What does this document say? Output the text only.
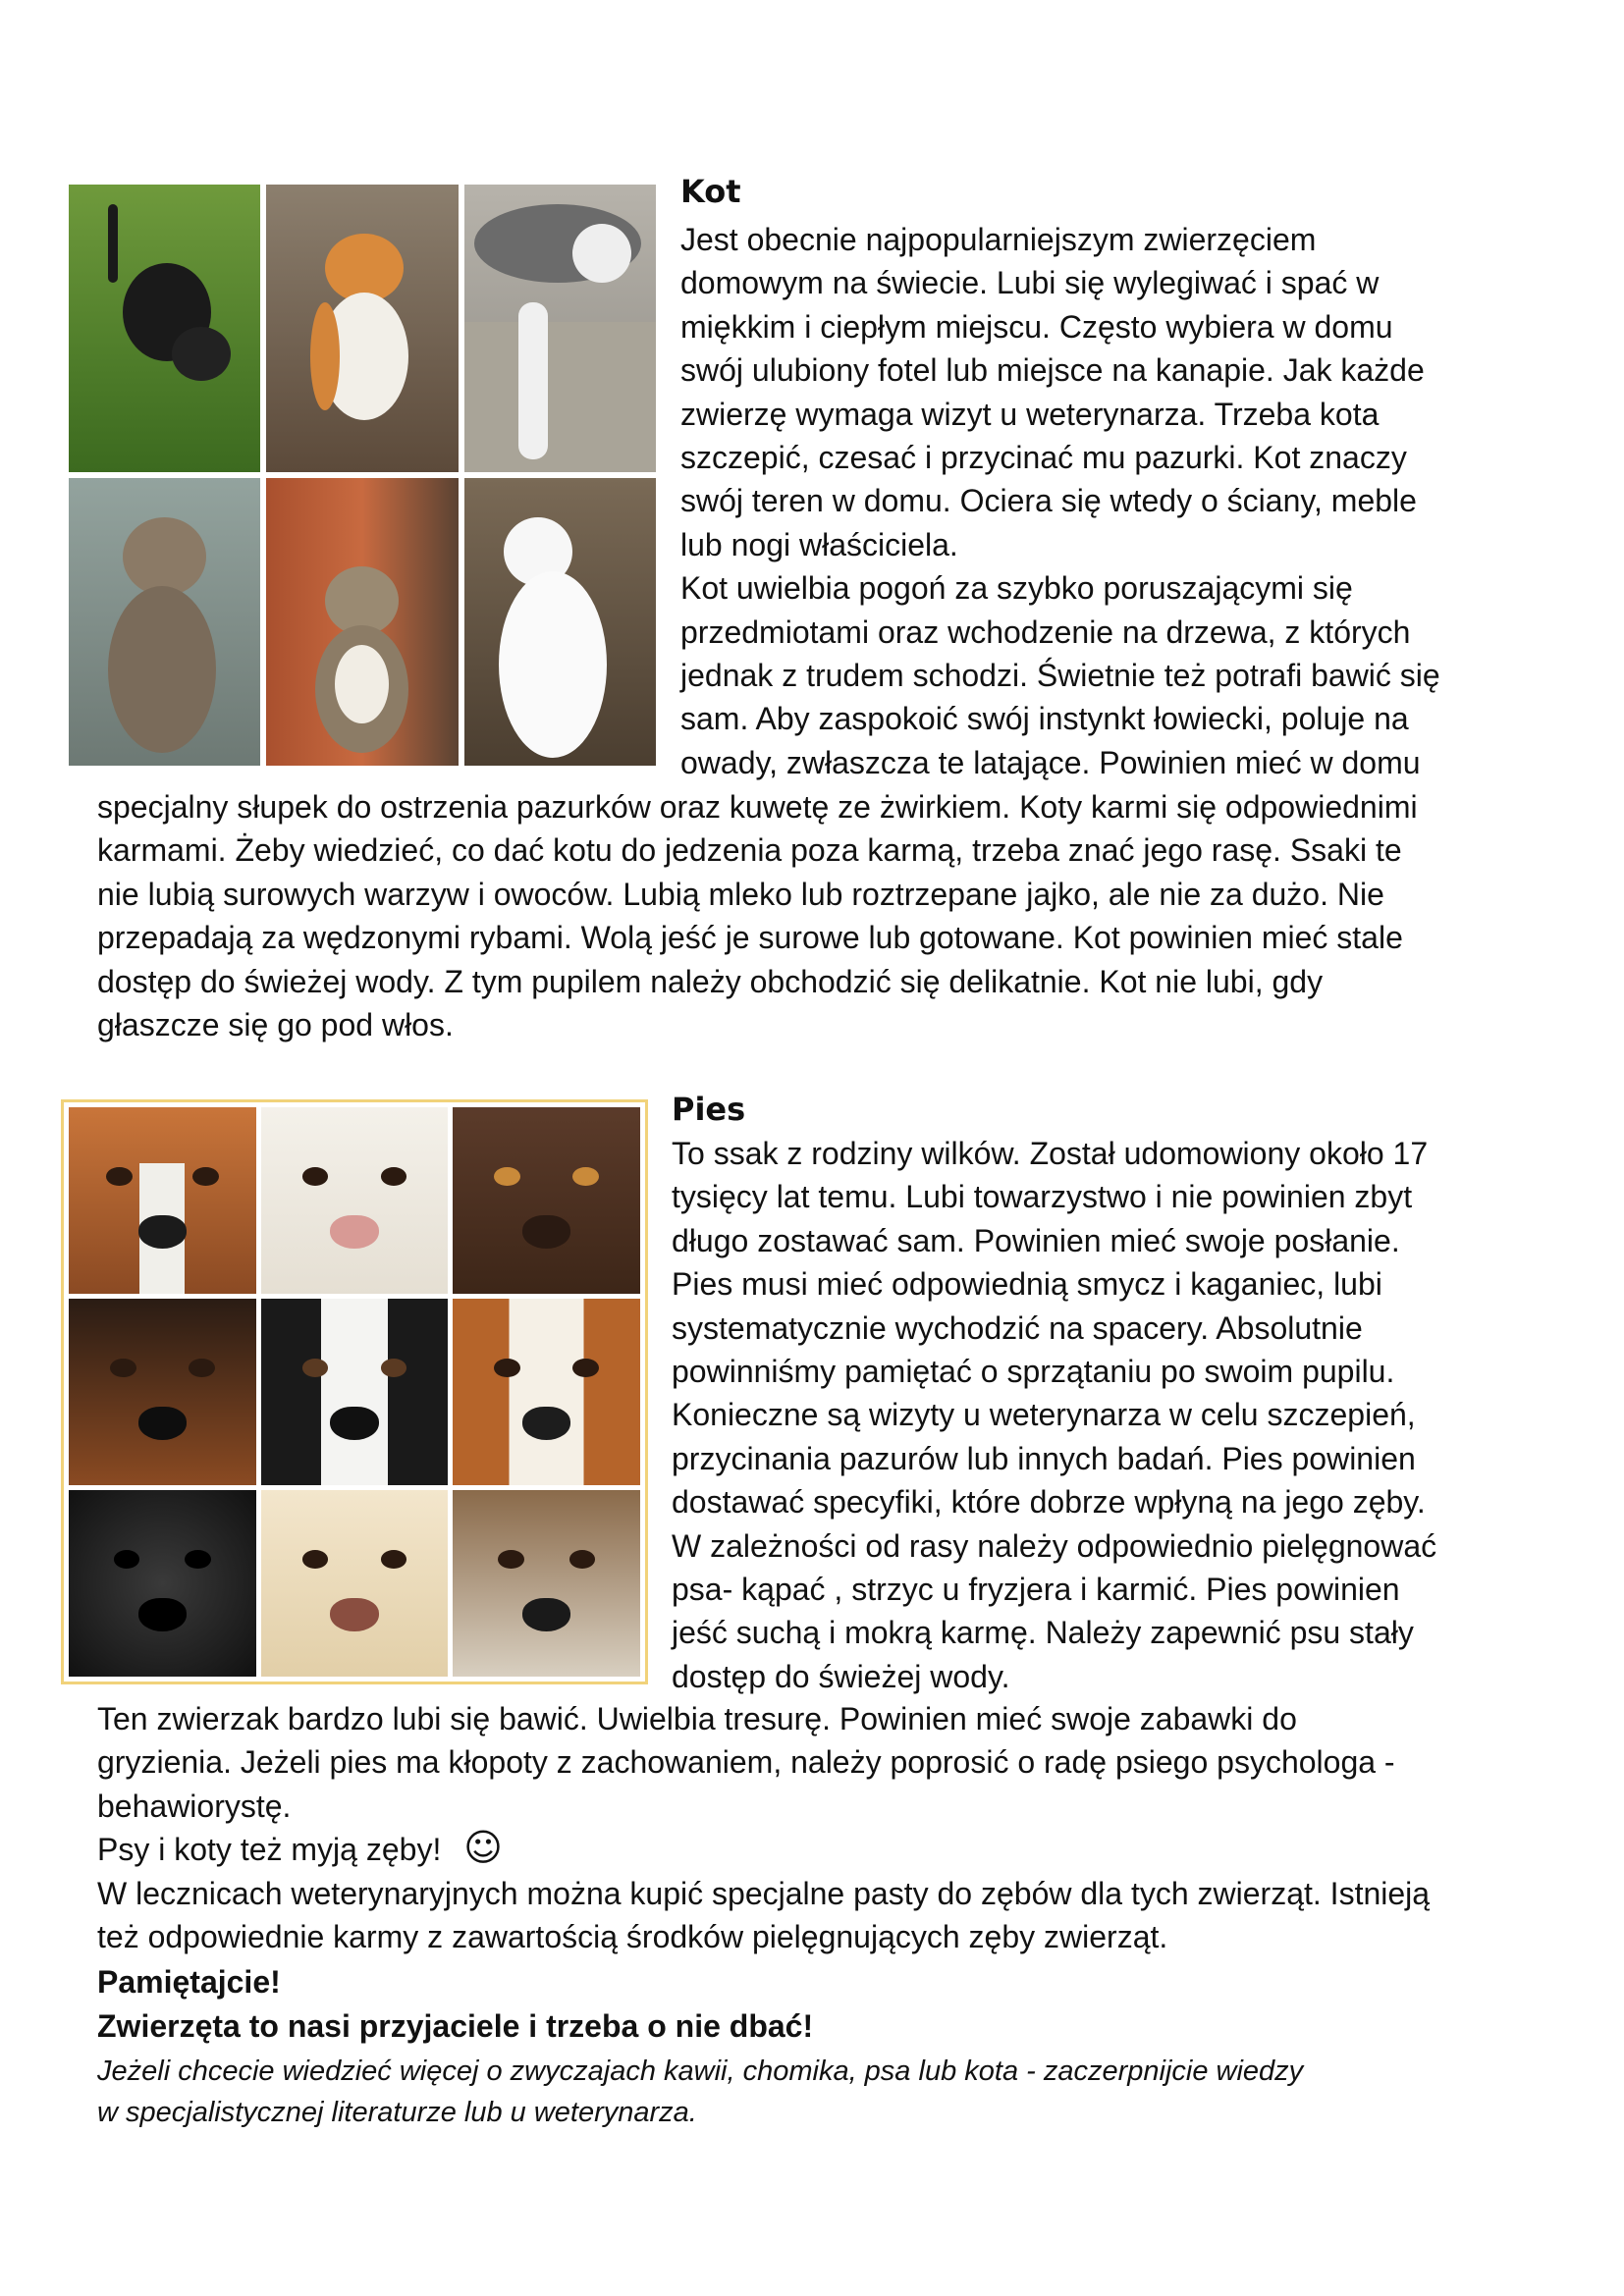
Kot
Jest obecnie najpopularniejszym zwierzęciem
domowym na świecie. Lubi się wylegiwać i spać w
miękkim i ciepłym miejscu. Często wybiera w domu
swój ulubiony fotel lub miejsce na kanapie. Jak każde
zwierzę wymaga wizyt u weterynarza. Trzeba kota
szczepić, czesać i przycinać mu pazurki. Kot znaczy
swój teren w domu. Ociera się wtedy o ściany, meble
lub nogi właściciela.
Kot uwielbia pogoń za szybko poruszającymi się
przedmiotami oraz wchodzenie na drzewa, z których
jednak z trudem schodzi. Świetnie też potrafi bawić się
sam. Aby zaspokoić swój instynkt łowiecki, poluje na
owady, zwłaszcza te latające. Powinien mieć w domu
specjalny słupek do ostrzenia pazurków oraz kuwetę ze żwirkiem. Koty karmi się odpowiednimi
karmami. Żeby wiedzieć, co dać kotu do jedzenia poza karmą, trzeba znać jego rasę. Ssaki te
nie lubią surowych warzyw i owoców. Lubią mleko lub roztrzepane jajko, ale nie za dużo. Nie
przepadają za wędzonymi rybami. Wolą jeść je surowe lub gotowane. Kot powinien mieć stale
dostęp do świeżej wody. Z tym pupilem należy obchodzić się delikatnie. Kot nie lubi, gdy
głaszcze się go pod włos.
Pies
To ssak z rodziny wilków. Został udomowiony około 17
tysięcy lat temu. Lubi towarzystwo i nie powinien zbyt
długo zostawać sam. Powinien mieć swoje posłanie.
Pies musi mieć odpowiednią smycz i kaganiec, lubi
systematycznie wychodzić na spacery. Absolutnie
powinniśmy pamiętać o sprzątaniu po swoim pupilu.
Konieczne są wizyty u weterynarza w celu szczepień,
przycinania pazurów lub innych badań. Pies powinien
dostawać specyfiki, które dobrze wpłyną na jego zęby.
W zależności od rasy należy odpowiednio pielęgnować
psa- kąpać , strzyc u fryzjera i karmić. Pies powinien
jeść suchą i mokrą karmę. Należy zapewnić psu stały
dostęp do świeżej wody.
Ten zwierzak bardzo lubi się bawić. Uwielbia tresurę. Powinien mieć swoje zabawki do
gryzienia. Jeżeli pies ma kłopoty z zachowaniem, należy poprosić o radę psiego psychologa -
behawiorystę.
Psy i koty też myją zęby! ☺
W lecznicach weterynaryjnych można kupić specjalne pasty do zębów dla tych zwierząt. Istnieją
też odpowiednie karmy z zawartością środków pielęgnujących zęby zwierząt.
Pamiętajcie!
Zwierzęta to nasi przyjaciele i trzeba o nie dbać!
Jeżeli chcecie wiedzieć więcej o zwyczajach kawii, chomika, psa lub kota - zaczerpnijcie wiedzy
w specjalistycznej literaturze lub u weterynarza.
